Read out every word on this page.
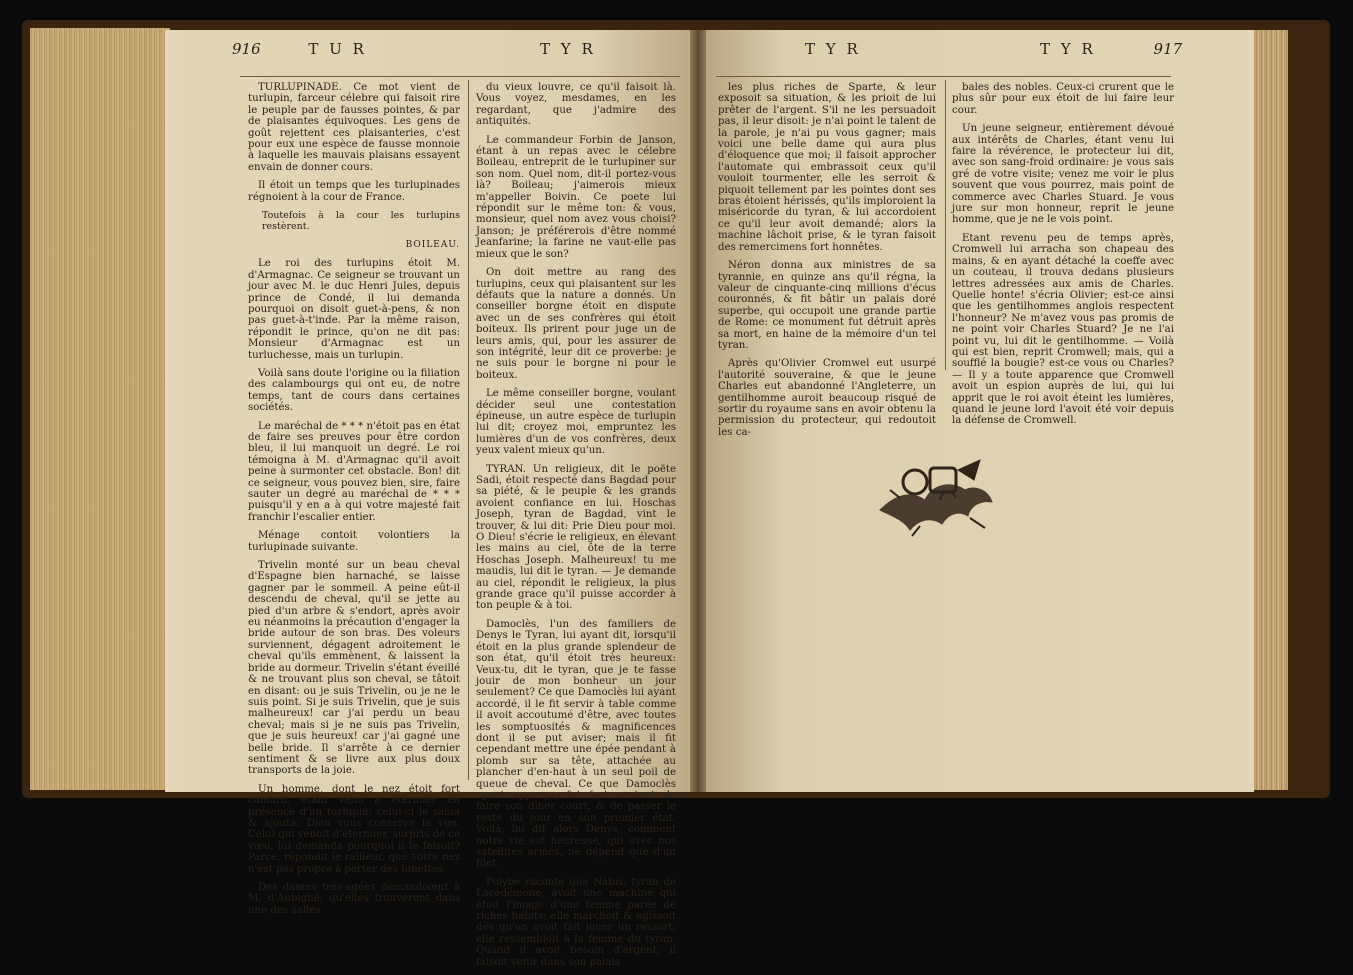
916	T U R	T Y R	T Y R	T Y R	917

TURLUPINADE. Ce mot vient de turlupin, farceur célebre qui faisoit rire le peuple par de fausses pointes, & par de plaisantes équivoques. Les gens de goût rejettent ces plaisanteries, c'est pour eux une espèce de fausse monnoie à laquelle les mauvais plaisans essayent envain de donner cours.

Il étoit un temps que les turlupinades régnoient à la cour de France.

Toutefois à la cour les turlupins restèrent.

BOILEAU.

Le roi des turlupins étoit M. d'Armagnac. Ce seigneur se trouvant un jour avec M. le duc Henri Jules, depuis prince de Condé, il lui demanda pourquoi on disoit guet-à-pens, & non pas guet-à-t'inde. Par la même raison, répondit le prince, qu'on ne dit pas: Monsieur d'Armagnac est un turluchesse, mais un turlupin.

Voilà sans doute l'origine ou la filiation des calambourgs qui ont eu, de notre temps, tant de cours dans certaines sociétés.

Le maréchal de * * * n'étoit pas en état de faire ses preuves pour être cordon bleu, il lui manquoit un degré. Le roi témoigna à M. d'Armagnac qu'il avoit peine à surmonter cet obstacle. Bon! dit ce seigneur, vous pouvez bien, sire, faire sauter un degré au maréchal de * * * puisqu'il y en a à qui votre majesté fait franchir l'escalier entier.

Ménage contoit volontiers la turlupinade suivante.

Trivelin monté sur un beau cheval d'Espagne bien harnaché, se laisse gagner par le sommeil. A peine eût-il descendu de cheval, qu'il se jette au pied d'un arbre & s'endort, après avoir eu néanmoins la précaution d'engager la bride autour de son bras. Des voleurs surviennent, dégagent adroitement le cheval qu'ils emmènent, & laissent la bride au dormeur. Trivelin s'étant éveillé & ne trouvant plus son cheval, se tâtoit en disant: ou je suis Trivelin, ou je ne le suis point. Si je suis Trivelin, que je suis malheureux! car j'ai perdu un beau cheval; mais si je ne suis pas Trivelin, que je suis heureux! car j'ai gagné une belle bride. Il s'arrête à ce dernier sentiment & se livre aux plus doux transports de la joie.

Un homme, dont le nez étoit fort camard, étant venu à éternuer en présence d'un turlupin; celui-ci le salua & ajouta: Dieu vous conserve la vue. Celui qui venoit d'éternuer, surpris de ce vœu, lui demanda pourquoi il le faisoit? Parce, répondit le railleur, que votre nez n'est pas propre à porter des lunettes.

Des dames très-agées demandoient à M. d'Aubigné, qu'elles trouvèrent dans une des salles

du vieux louvre, ce qu'il faisoit là. Vous voyez, mesdames, en les regardant, que j'admire des antiquités.

Le commandeur Forbin de Janson, étant à un repas avec le célebre Boileau, entreprit de le turlupiner sur son nom. Quel nom, dit-il portez-vous là? Boileau; j'aimerois mieux m'appeller Boivin. Ce poete lui répondit sur le même ton: & vous, monsieur, quel nom avez vous choisi? Janson; je préférerois d'être nommé Jeanfarine; la farine ne vaut-elle pas mieux que le son?

On doit mettre au rang des turlupins, ceux qui plaisantent sur les défauts que la nature a donnés. Un conseiller borgne étoit en dispute avec un de ses confrères qui étoit boiteux. Ils prirent pour juge un de leurs amis, qui, pour les assurer de son intégrité, leur dit ce proverbe: je ne suis pour le borgne ni pour le boiteux.

Le même conseiller borgne, voulant décider seul une contestation épineuse, un autre espèce de turlupin lui dit; croyez moi, empruntez les lumières d'un de vos confrères, deux yeux valent mieux qu'un.

TYRAN. Un religieux, dit le poëte Sadi, étoit respecté dans Bagdad pour sa piété, & le peuple & les grands avoient confiance en lui. Hoschas Joseph, tyran de Bagdad, vint le trouver, & lui dit: Prie Dieu pour moi. O Dieu! s'écrie le religieux, en élevant les mains au ciel, ôte de la terre Hoschas Joseph. Malheureux! tu me maudis, lui dit le tyran. — Je demande au ciel, répondit le religieux, la plus grande grace qu'il puisse accorder à ton peuple & à toi.

Damoclès, l'un des familiers de Denys le Tyran, lui ayant dit, lorsqu'il étoit en la plus grande splendeur de son état, qu'il étoit très heureux: Veux-tu, dit le tyran, que je te fasse jouir de mon bonheur un jour seulement? Ce que Damoclès lui ayant accordé, il le fit servir à table comme il avoit accoutumé d'être, avec toutes les somptuosités & magnificences dont il se put aviser; mais il fit cependant mettre une épée pendant à plomb sur sa tête, attachée au plancher d'en-haut à un seul poil de queue de cheval. Ce que Damoclès ayant apperçu, fut fort content de faire son dîner court, & de passer le reste du jour en son premier état. Voilà, lui dit alors Denys, comment notre vie est heureuse, qui avec nos satellites armés, ne dépend que d'un filet.

Polybe raconte que Nabis, tyran de Lacédémone, avoit une machine qui étoit l'image d'une femme parée de riches habits; elle marchoit & agissoit dès qu'on avoit fait jouer un ressort; elle ressembloit à la femme du tyran. Quand il avoit besoin d'argent, il faisoit venir dans son palais

les plus riches de Sparte, & leur exposoit sa situation, & les prioit de lui prêter de l'argent. S'il ne les persuadoit pas, il leur disoit: je n'ai point le talent de la parole, je n'ai pu vous gagner; mais voici une belle dame qui aura plus d'éloquence que moi; il faisoit approcher l'automate qui embrassoit ceux qu'il vouloit tourmenter, elle les serroit & piquoit tellement par les pointes dont ses bras étoient hérissés, qu'ils imploroient la miséricorde du tyran, & lui accordoient ce qu'il leur avoit demandé; alors la machine lâchoit prise, & le tyran faisoit des remercimens fort honnêtes.

Néron donna aux ministres de sa tyrannie, en quinze ans qu'il régna, la valeur de cinquante-cinq millions d'écus couronnés, & fit bâtir un palais doré superbe, qui occupoit une grande partie de Rome: ce monument fut détruit après sa mort, en haine de la mémoire d'un tel tyran.

Après qu'Olivier Cromwel eut usurpé l'autorité souveraine, & que le jeune Charles eut abandonné l'Angleterre, un gentilhomme auroit beaucoup risqué de sortir du royaume sans en avoir obtenu la permission du protecteur, qui redoutoit les ca-

bales des nobles. Ceux-ci crurent que le plus sûr pour eux étoit de lui faire leur cour.

Un jeune seigneur, entièrement dévoué aux intérêts de Charles, étant venu lui faire la révérence, le protecteur lui dit, avec son sang-froid ordinaire: je vous sais gré de votre visite; venez me voir le plus souvent que vous pourrez, mais point de commerce avec Charles Stuard. Je vous jure sur mon honneur, reprit le jeune homme, que je ne le vois point.

Etant revenu peu de temps après, Cromwell lui arracha son chapeau des mains, & en ayant détaché la coeffe avec un couteau, il trouva dedans plusieurs lettres adressées aux amis de Charles. Quelle honte! s'écria Olivier; est-ce ainsi que les gentilhommes anglois respectent l'honneur? Ne m'avez vous pas promis de ne point voir Charles Stuard? Je ne l'ai point vu, lui dit le gentilhomme. — Voilà qui est bien, reprit Cromwell; mais, qui a soufflé la bougie? est-ce vous ou Charles? — Il y a toute apparence que Cromwell avoit un espion auprès de lui, qui lui apprit que le roi avoit éteint les lumières, quand le jeune lord l'avoit été voir depuis la défense de Cromwell.
